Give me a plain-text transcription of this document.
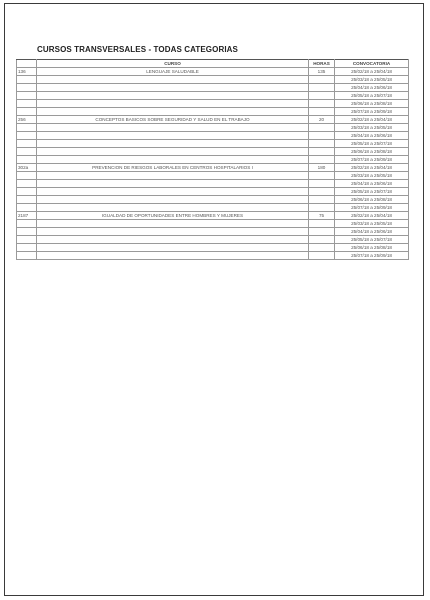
CURSOS TRANSVERSALES - TODAS CATEGORIAS
	CURSO	HORAS	CONVOCATORIA
136	LENGUAJE SALUDABLE	135	25/02/18 a 25/04/18
			25/03/18 a 25/05/18
			25/04/18 a 25/06/18
			25/05/18 a 25/07/18
			25/06/18 a 25/08/18
			25/07/18 a 25/09/18
256	CONCEPTOS BASICOS SOBRE SEGURIDAD Y SALUD EN EL TRABAJO	20	25/02/18 a 25/04/18
			25/03/18 a 25/05/18
			25/04/18 a 25/06/18
			25/05/18 a 25/07/18
			25/06/18 a 25/08/18
			25/07/18 a 25/09/18
302a	PREVENCION DE RIESGOS LABORALES EN CENTROS HOSPITALARIOS I	180	25/02/18 a 25/04/18
			25/03/18 a 25/05/18
			25/04/18 a 25/06/18
			25/05/18 a 25/07/18
			25/06/18 a 25/08/18
			25/07/18 a 25/09/18
2187	IGUALDAD DE OPORTUNIDADES ENTRE HOMBRES Y MUJERES	75	25/02/18 a 25/04/18
			25/03/18 a 25/05/18
			25/04/18 a 25/06/18
			25/05/18 a 25/07/18
			25/06/18 a 25/08/18
			25/07/18 a 25/09/18
